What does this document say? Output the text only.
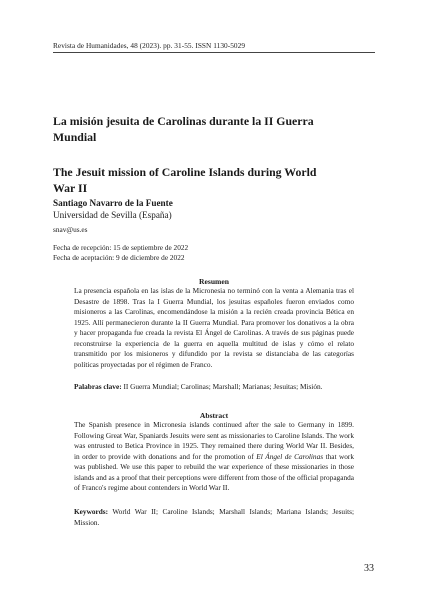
Revista de Humanidades, 48 (2023). pp. 31-55. ISSN 1130-5029
La misión jesuita de Carolinas durante la II Guerra Mundial
The Jesuit mission of Caroline Islands during World War II
Santiago Navarro de la Fuente
Universidad de Sevilla (España)
snav@us.es
Fecha de recepción: 15 de septiembre de 2022
Fecha de aceptación: 9 de diciembre de 2022
Resumen
La presencia española en las islas de la Micronesia no terminó con la venta a Alemania tras el Desastre de 1898. Tras la I Guerra Mundial, los jesuitas españoles fueron enviados como misioneros a las Carolinas, encomendándose la misión a la recién creada provincia Bética en 1925. Allí permanecieron durante la II Guerra Mundial. Para promover los donativos a la obra y hacer propaganda fue creada la revista El Ángel de Carolinas. A través de sus páginas puede reconstruirse la experiencia de la guerra en aquella multitud de islas y cómo el relato transmitido por los misioneros y difundido por la revista se distanciaba de las categorías políticas proyectadas por el régimen de Franco.
Palabras clave: II Guerra Mundial; Carolinas; Marshall; Marianas; Jesuitas; Misión.
Abstract
The Spanish presence in Micronesia islands continued after the sale to Germany in 1899. Following Great War, Spaniards Jesuits were sent as missionaries to Caroline Islands. The work was entrusted to Betica Province in 1925. They remained there during World War II. Besides, in order to provide with donations and for the promotion of El Ángel de Carolinas that work was published. We use this paper to rebuild the war experience of these missionaries in those islands and as a proof that their perceptions were different from those of the official propaganda of Franco's regime about contenders in World War II.
Keywords: World War II; Caroline Islands; Marshall Islands; Mariana Islands; Jesuits; Mission.
33
